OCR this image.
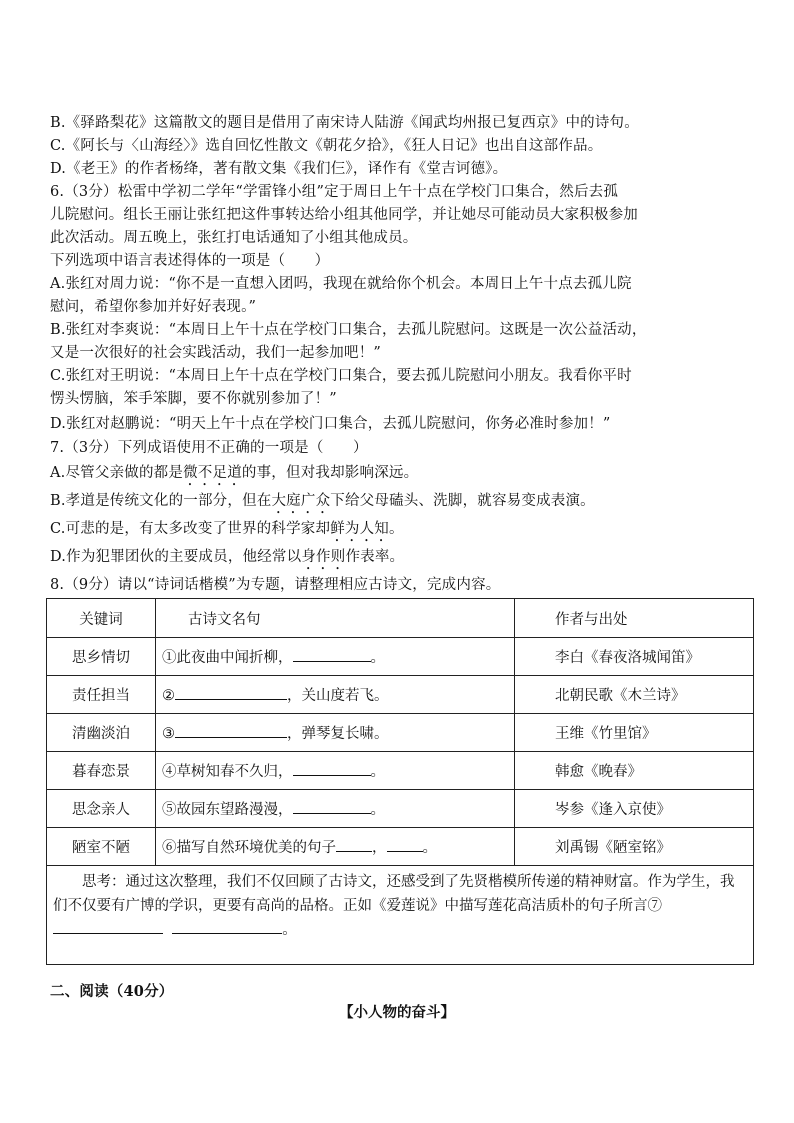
B.《驿路梨花》这篇散文的题目是借用了南宋诗人陆游《闻武均州报已复西京》中的诗句。
C.《阿长与〈山海经〉》选自回忆性散文《朝花夕拾》，《狂人日记》也出自这部作品。
D.《老王》的作者杨绛，著有散文集《我们仨》，译作有《堂吉诃德》。
6.（3分）松雷中学初二学年“学雷锋小组”定于周日上午十点在学校门口集合，然后去孤
儿院慰问。组长王丽让张红把这件事转达给小组其他同学，并让她尽可能动员大家积极参加
此次活动。周五晚上，张红打电话通知了小组其他成员。
下列选项中语言表述得体的一项是（　　）
A.张红对周力说：“你不是一直想入团吗，我现在就给你个机会。本周日上午十点去孤儿院
慰问，希望你参加并好好表现。”
B.张红对李爽说：“本周日上午十点在学校门口集合，去孤儿院慰问。这既是一次公益活动，
又是一次很好的社会实践活动，我们一起参加吧！”
C.张红对王明说：“本周日上午十点在学校门口集合，要去孤儿院慰问小朋友。我看你平时
愣头愣脑，笨手笨脚，要不你就别参加了！”
D.张红对赵鹏说：“明天上午十点在学校门口集合，去孤儿院慰问，你务必准时参加！”
7.（3分）下列成语使用不正确的一项是（　　）
A.尽管父亲做的都是微不足道的事，但对我却影响深远。
B.孝道是传统文化的一部分，但在大庭广众下给父母磕头、洗脚，就容易变成表演。
C.可悲的是，有太多改变了世界的科学家却鲜为人知。
D.作为犯罪团伙的主要成员，他经常以身作则作表率。
8.（9分）请以“诗词话楷模”为专题，请整理相应古诗文，完成内容。
关键词	古诗文名句	作者与出处
思乡情切	①此夜曲中闻折柳， 。	李白《春夜洛城闻笛》
责任担当	② ，关山度若飞。	北朝民歌《木兰诗》
清幽淡泊	③ ，弹琴复长啸。	王维《竹里馆》
暮春恋景	④草树知春不久归， 。	韩愈《晚春》
思念亲人	⑤故园东望路漫漫， 。	岑参《逢入京使》
陋室不陋	⑥描写自然环境优美的句子 ， 。	刘禹锡《陋室铭》

思考：通过这次整理，我们不仅回顾了古诗文，还感受到了先贤楷模所传递的精神财富。作为学生，我们不仅要有广博的学识，更要有高尚的品格。正如《爱莲说》中描写莲花高洁质朴的句子所言⑦  。		
二、阅读（40分）
【小人物的奋斗】
